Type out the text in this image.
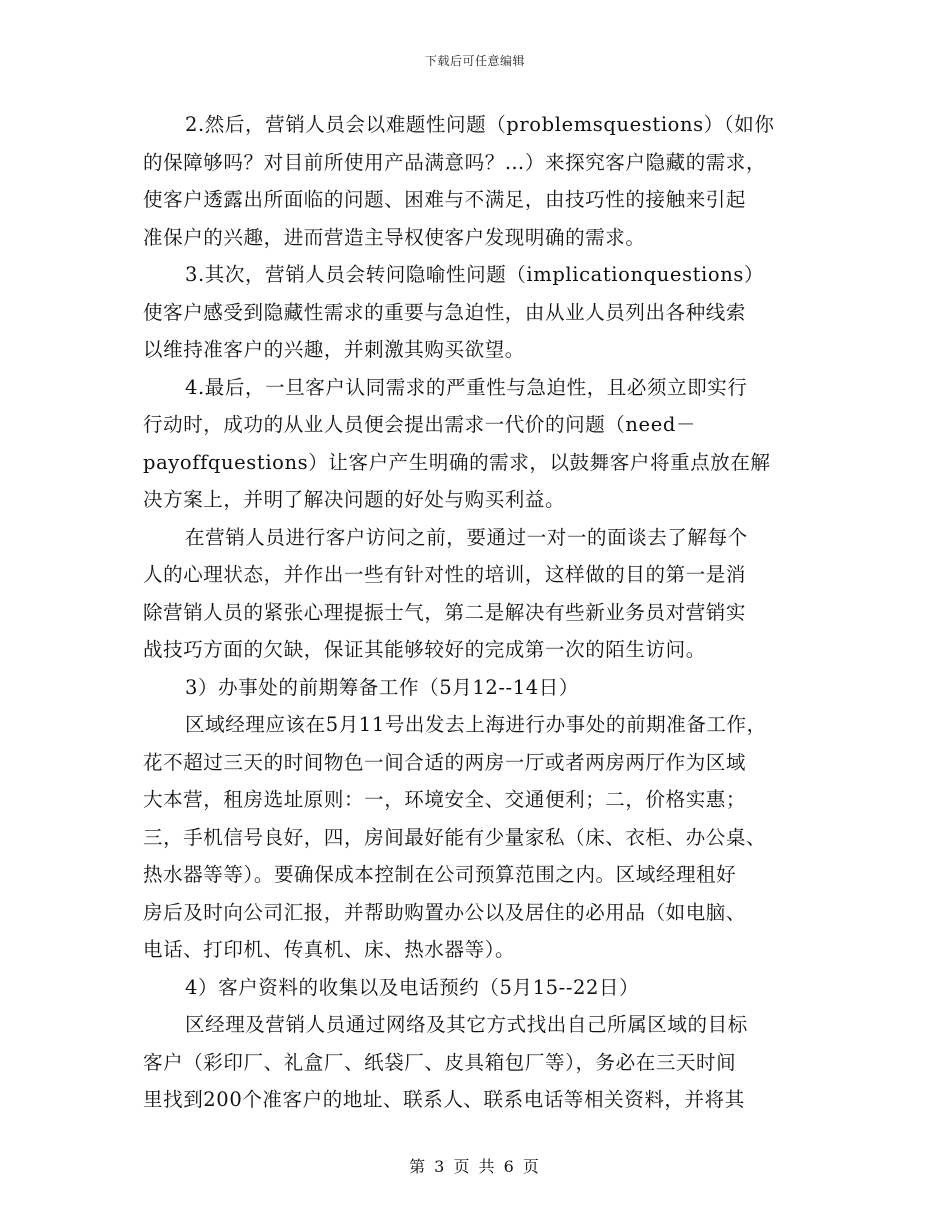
下载后可任意编辑
2.然后，营销人员会以难题性问题（problemsquestions）（如你
的保障够吗？对目前所使用产品满意吗？…）来探究客户隐藏的需求，
使客户透露出所面临的问题、困难与不满足，由技巧性的接触来引起
准保户的兴趣，进而营造主导权使客户发现明确的需求。
3.其次，营销人员会转问隐喻性问题（implicationquestions）
使客户感受到隐藏性需求的重要与急迫性，由从业人员列出各种线索
以维持准客户的兴趣，并刺激其购买欲望。
4.最后，一旦客户认同需求的严重性与急迫性，且必须立即实行
行动时，成功的从业人员便会提出需求一代价的问题（need－
payoffquestions）让客户产生明确的需求，以鼓舞客户将重点放在解
决方案上，并明了解决问题的好处与购买利益。
在营销人员进行客户访问之前，要通过一对一的面谈去了解每个
人的心理状态，并作出一些有针对性的培训，这样做的目的第一是消
除营销人员的紧张心理提振士气，第二是解决有些新业务员对营销实
战技巧方面的欠缺，保证其能够较好的完成第一次的陌生访问。
3）办事处的前期筹备工作（5月12--14日）
区域经理应该在5月11号出发去上海进行办事处的前期准备工作，
花不超过三天的时间物色一间合适的两房一厅或者两房两厅作为区域
大本营，租房选址原则：一，环境安全、交通便利；二，价格实惠；
三，手机信号良好，四，房间最好能有少量家私（床、衣柜、办公桌、
热水器等等）。要确保成本控制在公司预算范围之内。区域经理租好
房后及时向公司汇报，并帮助购置办公以及居住的必用品（如电脑、
电话、打印机、传真机、床、热水器等）。
4）客户资料的收集以及电话预约（5月15--22日）
区经理及营销人员通过网络及其它方式找出自己所属区域的目标
客户（彩印厂、礼盒厂、纸袋厂、皮具箱包厂等），务必在三天时间
里找到200个准客户的地址、联系人、联系电话等相关资料，并将其
第 3 页 共 6 页
